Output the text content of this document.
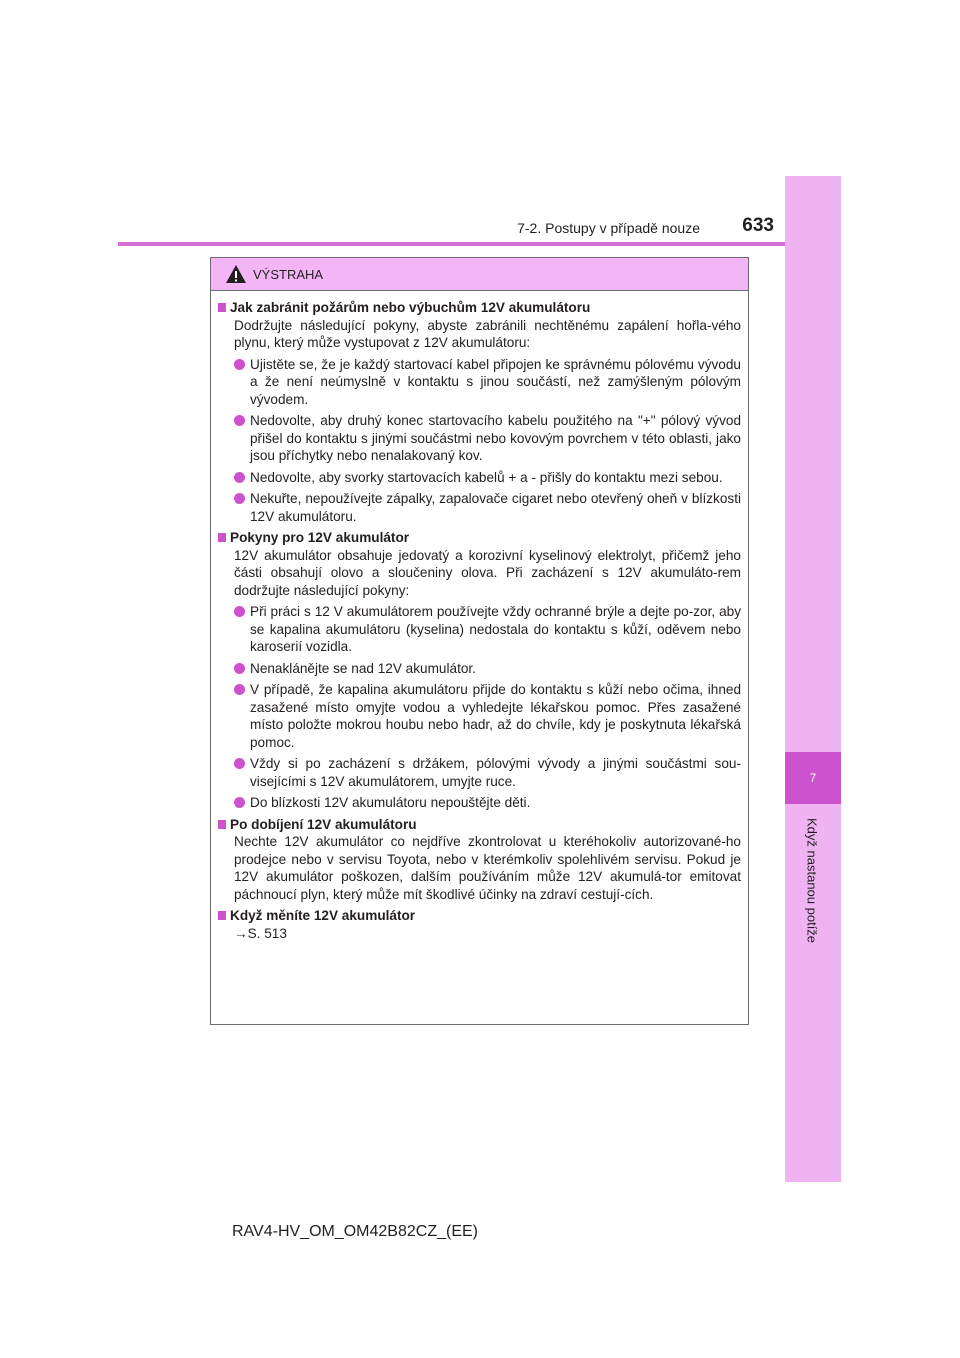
7
Když nastanou potíže
7-2. Postupy v případě nouze	633
VÝSTRAHA
Jak zabránit požárům nebo výbuchům 12V akumulátoru
Dodržujte následující pokyny, abyste zabránili nechtěnému zapálení hořla-vého plynu, který může vystupovat z 12V akumulátoru:
Ujistěte se, že je každý startovací kabel připojen ke správnému pólovému vývodu a že není neúmyslně v kontaktu s jinou součástí, než zamýšleným pólovým vývodem.
Nedovolte, aby druhý konec startovacího kabelu použitého na "+" pólový vývod přišel do kontaktu s jinými součástmi nebo kovovým povrchem v této oblasti, jako jsou příchytky nebo nenalakovaný kov.
Nedovolte, aby svorky startovacích kabelů + a - přišly do kontaktu mezi sebou.
Nekuřte, nepoužívejte zápalky, zapalovače cigaret nebo otevřený oheň v blízkosti 12V akumulátoru.
Pokyny pro 12V akumulátor
12V akumulátor obsahuje jedovatý a korozivní kyselinový elektrolyt, přičemž jeho části obsahují olovo a sloučeniny olova. Při zacházení s 12V akumuláto-rem dodržujte následující pokyny:
Při práci s 12 V akumulátorem používejte vždy ochranné brýle a dejte po-zor, aby se kapalina akumulátoru (kyselina) nedostala do kontaktu s kůží, oděvem nebo karoserií vozidla.
Nenaklánějte se nad 12V akumulátor.
V případě, že kapalina akumulátoru přijde do kontaktu s kůží nebo očima, ihned zasažené místo omyjte vodou a vyhledejte lékařskou pomoc. Přes zasažené místo položte mokrou houbu nebo hadr, až do chvíle, kdy je poskytnuta lékařská pomoc.
Vždy si po zacházení s držákem, pólovými vývody a jinými součástmi sou-visejícími s 12V akumulátorem, umyjte ruce.
Do blízkosti 12V akumulátoru nepouštějte děti.
Po dobíjení 12V akumulátoru
Nechte 12V akumulátor co nejdříve zkontrolovat u kteréhokoliv autorizované-ho prodejce nebo v servisu Toyota, nebo v kterémkoliv spolehlivém servisu. Pokud je 12V akumulátor poškozen, dalším používáním může 12V akumulá-tor emitovat páchnoucí plyn, který může mít škodlivé účinky na zdraví cestují-cích.
Když měníte 12V akumulátor
→S. 513
RAV4-HV_OM_OM42B82CZ_(EE)
